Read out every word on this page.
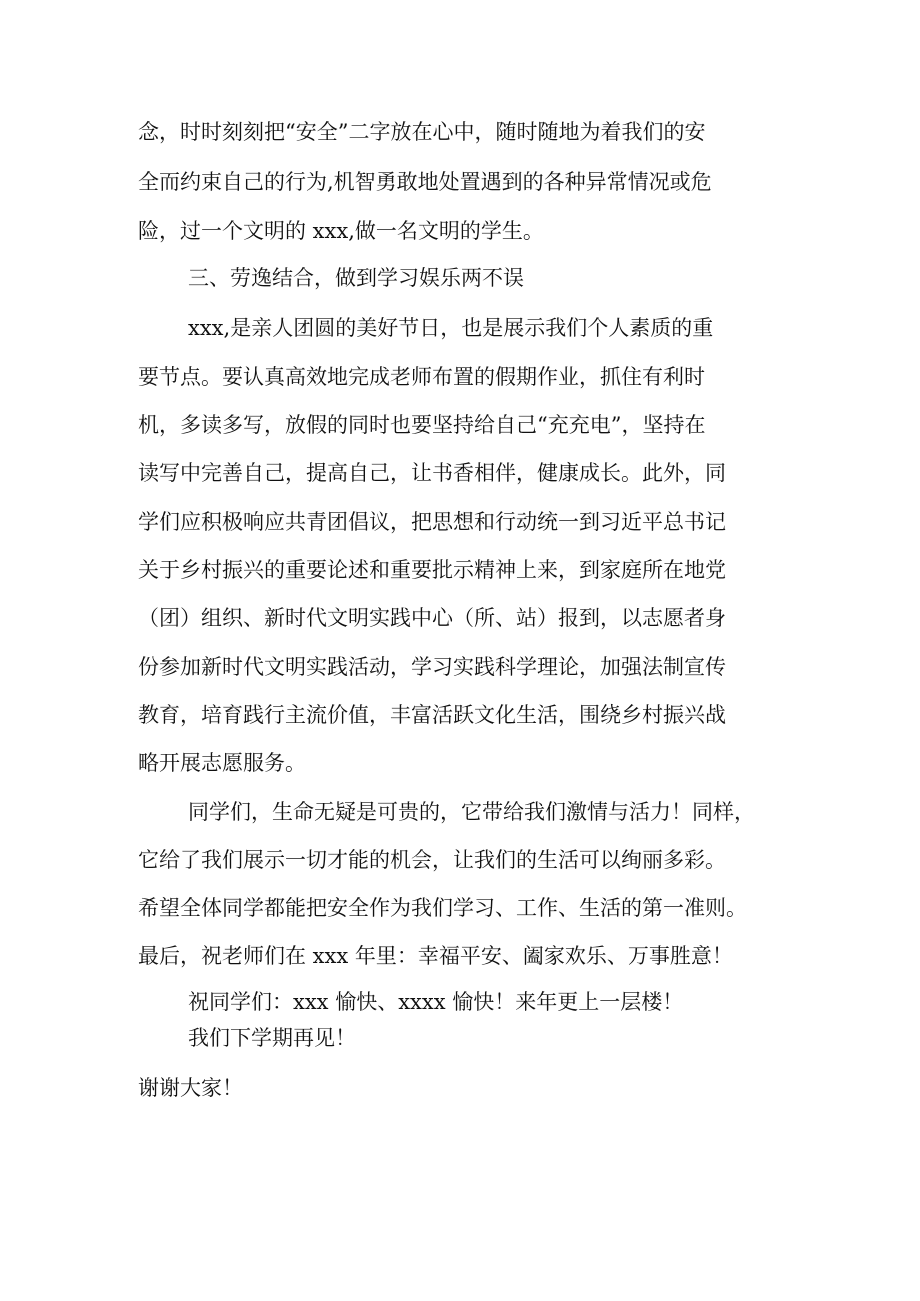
念，时时刻刻把“安全”二字放在心中，随时随地为着我们的安
全而约束自己的行为,机智勇敢地处置遇到的各种异常情况或危
险，过一个文明的 xxx,做一名文明的学生。
三、劳逸结合，做到学习娱乐两不误
xxx,是亲人团圆的美好节日，也是展示我们个人素质的重
要节点。要认真高效地完成老师布置的假期作业，抓住有利时
机，多读多写，放假的同时也要坚持给自己“充充电”，坚持在
读写中完善自己，提高自己，让书香相伴，健康成长。此外，同
学们应积极响应共青团倡议，把思想和行动统一到习近平总书记
关于乡村振兴的重要论述和重要批示精神上来，到家庭所在地党
（团）组织、新时代文明实践中心（所、站）报到，以志愿者身
份参加新时代文明实践活动，学习实践科学理论，加强法制宣传
教育，培育践行主流价值，丰富活跃文化生活，围绕乡村振兴战
略开展志愿服务。
同学们，生命无疑是可贵的，它带给我们激情与活力！同样，
它给了我们展示一切才能的机会，让我们的生活可以绚丽多彩。
希望全体同学都能把安全作为我们学习、工作、生活的第一准则。
最后，祝老师们在 xxx 年里：幸福平安、阖家欢乐、万事胜意！
祝同学们：xxx 愉快、xxxx 愉快！来年更上一层楼！
我们下学期再见！
谢谢大家！
